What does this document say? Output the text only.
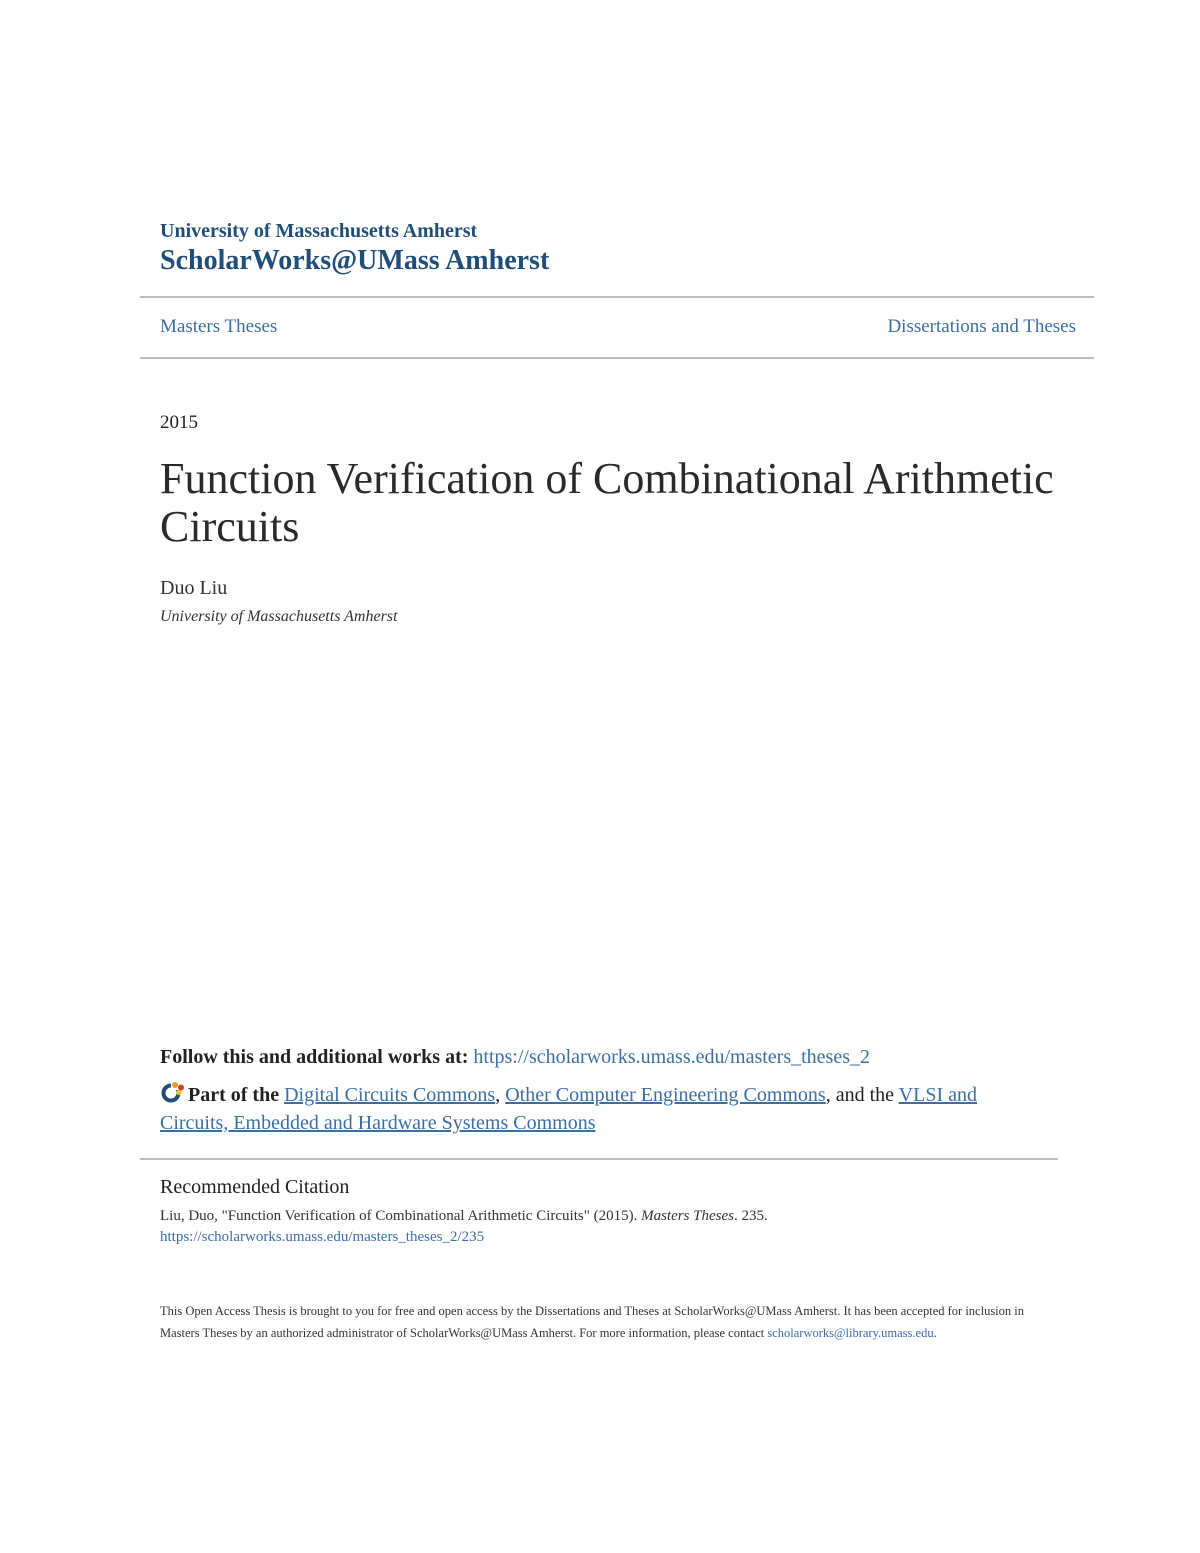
University of Massachusetts Amherst
ScholarWorks@UMass Amherst
Masters Theses	Dissertations and Theses
2015
Function Verification of Combinational Arithmetic Circuits
Duo Liu
University of Massachusetts Amherst
Follow this and additional works at: https://scholarworks.umass.edu/masters_theses_2
Part of the Digital Circuits Commons, Other Computer Engineering Commons, and the VLSI and Circuits, Embedded and Hardware Systems Commons
Recommended Citation
Liu, Duo, "Function Verification of Combinational Arithmetic Circuits" (2015). Masters Theses. 235.
https://scholarworks.umass.edu/masters_theses_2/235
This Open Access Thesis is brought to you for free and open access by the Dissertations and Theses at ScholarWorks@UMass Amherst. It has been accepted for inclusion in Masters Theses by an authorized administrator of ScholarWorks@UMass Amherst. For more information, please contact scholarworks@library.umass.edu.
